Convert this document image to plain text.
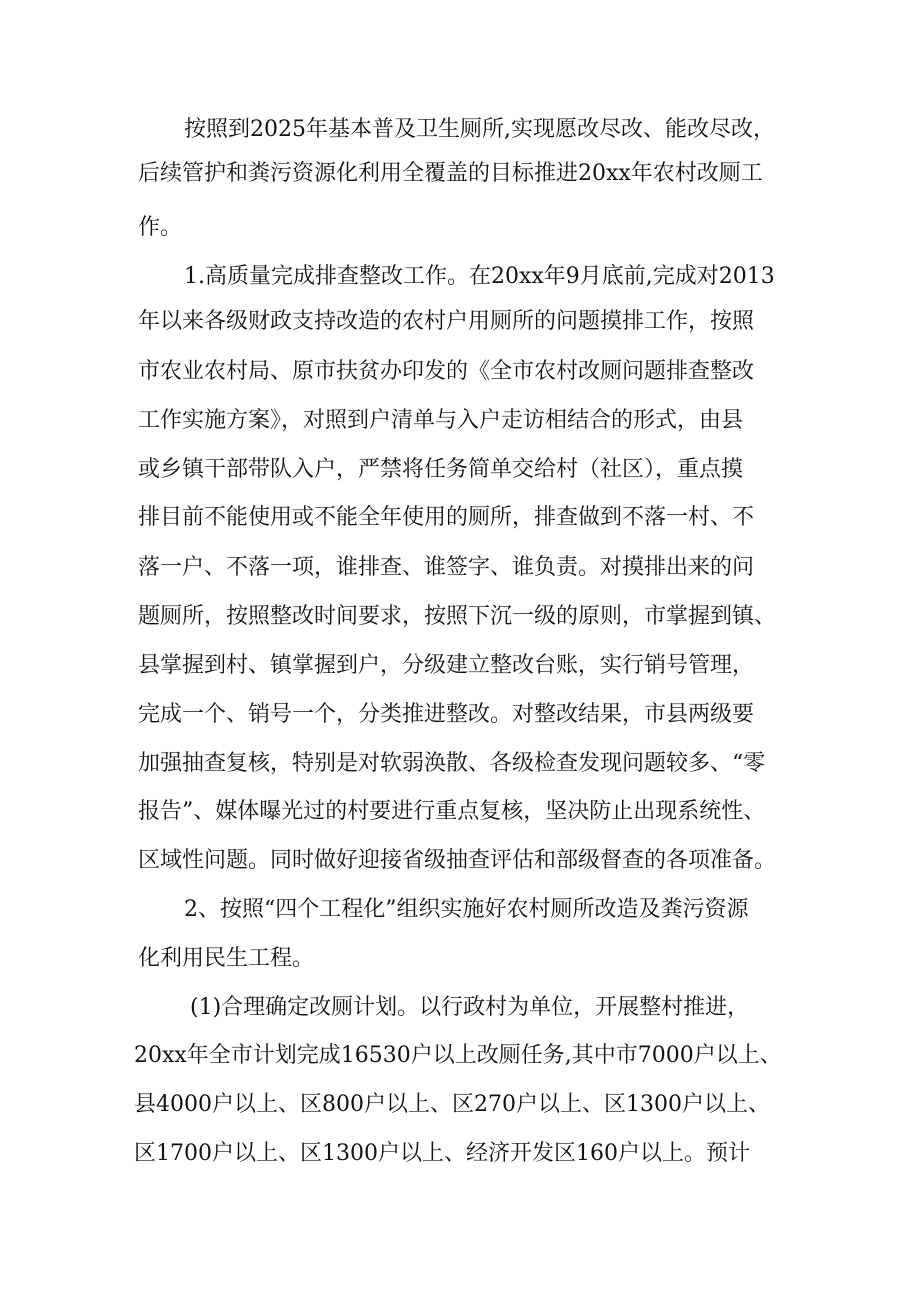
按照到2025年基本普及卫生厕所,实现愿改尽改、能改尽改，
后续管护和粪污资源化利用全覆盖的目标推进20xx年农村改厕工
作。
1.高质量完成排查整改工作。在20xx年9月底前,完成对2013
年以来各级财政支持改造的农村户用厕所的问题摸排工作，按照
市农业农村局、原市扶贫办印发的《全市农村改厕问题排查整改
工作实施方案》，对照到户清单与入户走访相结合的形式，由县
或乡镇干部带队入户，严禁将任务简单交给村（社区），重点摸
排目前不能使用或不能全年使用的厕所，排查做到不落一村、不
落一户、不落一项，谁排查、谁签字、谁负责。对摸排出来的问
题厕所，按照整改时间要求，按照下沉一级的原则，市掌握到镇、
县掌握到村、镇掌握到户，分级建立整改台账，实行销号管理，
完成一个、销号一个，分类推进整改。对整改结果，市县两级要
加强抽查复核，特别是对软弱涣散、各级检查发现问题较多、“零
报告”、媒体曝光过的村要进行重点复核，坚决防止出现系统性、
区域性问题。同时做好迎接省级抽查评估和部级督查的各项准备。
2、按照“四个工程化”组织实施好农村厕所改造及粪污资源
化利用民生工程。
(1)合理确定改厕计划。以行政村为单位，开展整村推进，
20xx年全市计划完成16530户以上改厕任务,其中市7000户以上、
县4000户以上、区800户以上、区270户以上、区1300户以上、
区1700户以上、区1300户以上、经济开发区160户以上。预计
